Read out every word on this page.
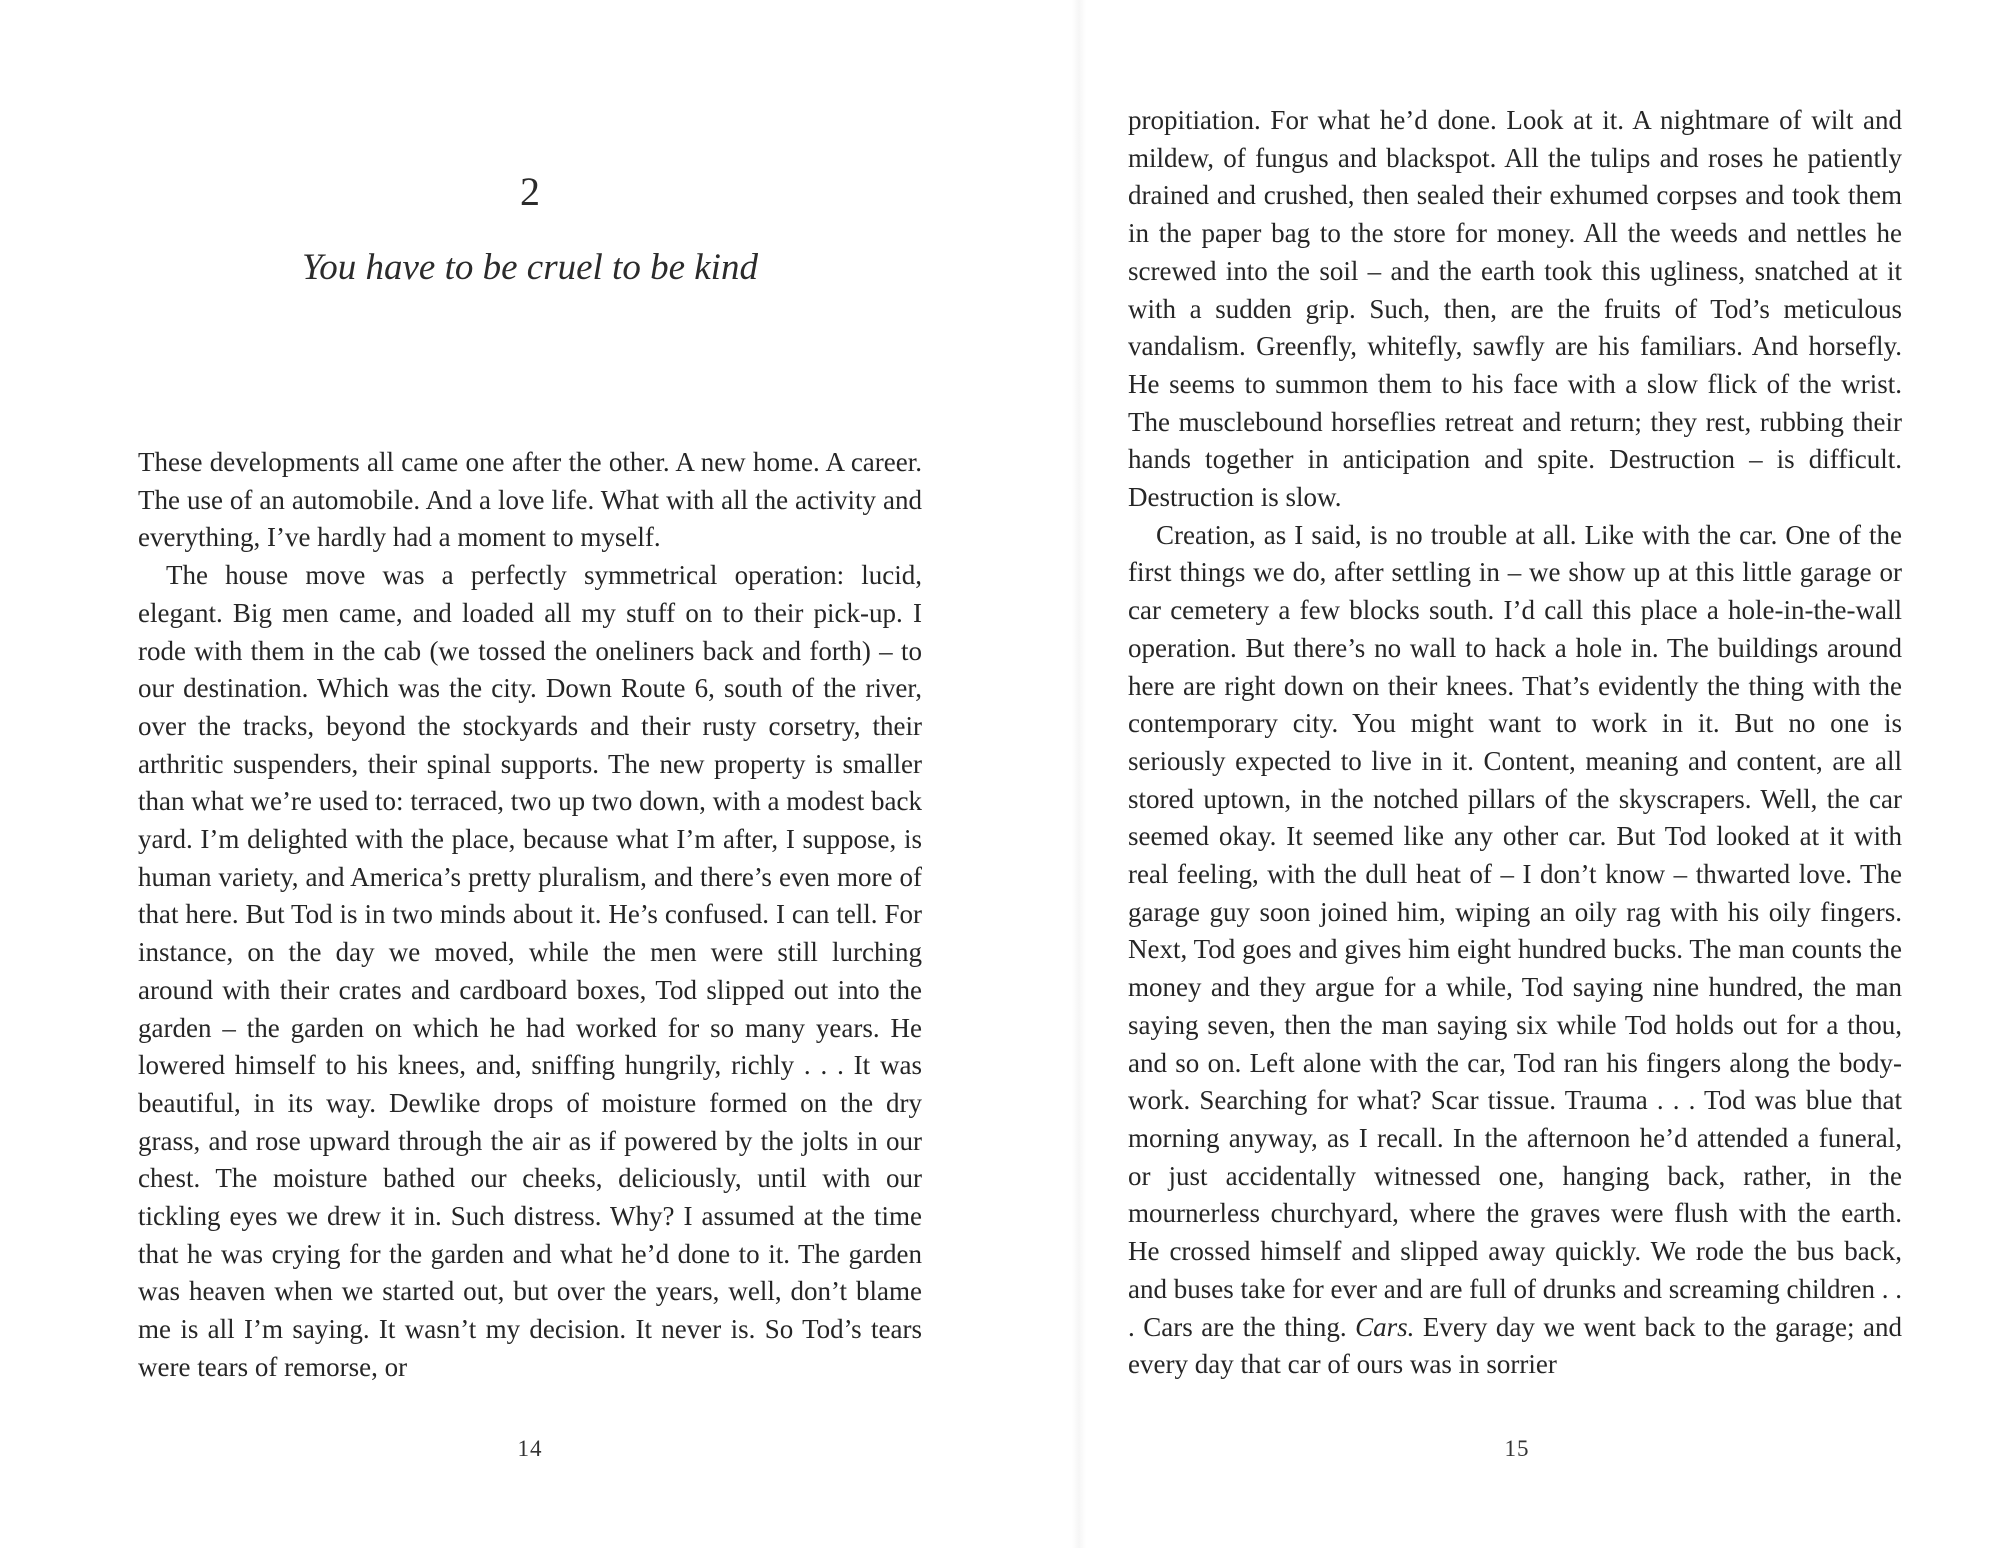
2
You have to be cruel to be kind

These developments all came one after the other. A new home. A career. The use of an automobile. And a love life. What with all the activity and everything, I’ve hardly had a moment to myself.

The house move was a perfectly symmetrical operation: lucid, elegant. Big men came, and loaded all my stuff on to their pick-up. I rode with them in the cab (we tossed the oneliners back and forth) – to our destination. Which was the city. Down Route 6, south of the river, over the tracks, beyond the stockyards and their rusty corsetry, their arthritic suspenders, their spinal supports. The new property is smaller than what we’re used to: terraced, two up two down, with a modest back yard. I’m delighted with the place, because what I’m after, I suppose, is human variety, and America’s pretty pluralism, and there’s even more of that here. But Tod is in two minds about it. He’s confused. I can tell. For instance, on the day we moved, while the men were still lurching around with their crates and cardboard boxes, Tod slipped out into the garden – the garden on which he had worked for so many years. He lowered himself to his knees, and, sniffing hungrily, richly . . . It was beautiful, in its way. Dewlike drops of moisture formed on the dry grass, and rose upward through the air as if powered by the jolts in our chest. The moisture bathed our cheeks, deliciously, until with our tickling eyes we drew it in. Such distress. Why? I assumed at the time that he was crying for the garden and what he’d done to it. The garden was heaven when we started out, but over the years, well, don’t blame me is all I’m saying. It wasn’t my decision. It never is. So Tod’s tears were tears of remorse, or

14

propitiation. For what he’d done. Look at it. A nightmare of wilt and mildew, of fungus and blackspot. All the tulips and roses he patiently drained and crushed, then sealed their exhumed corpses and took them in the paper bag to the store for money. All the weeds and nettles he screwed into the soil – and the earth took this ugliness, snatched at it with a sudden grip. Such, then, are the fruits of Tod’s meticulous vandalism. Greenfly, whitefly, sawfly are his familiars. And horsefly. He seems to summon them to his face with a slow flick of the wrist. The musclebound horseflies retreat and return; they rest, rubbing their hands together in anticipation and spite. Destruction – is difficult. Destruction is slow.

Creation, as I said, is no trouble at all. Like with the car. One of the first things we do, after settling in – we show up at this little garage or car cemetery a few blocks south. I’d call this place a hole-in-the-wall operation. But there’s no wall to hack a hole in. The buildings around here are right down on their knees. That’s evidently the thing with the contemporary city. You might want to work in it. But no one is seriously expected to live in it. Content, meaning and content, are all stored uptown, in the notched pillars of the skyscrapers. Well, the car seemed okay. It seemed like any other car. But Tod looked at it with real feeling, with the dull heat of – I don’t know – thwarted love. The garage guy soon joined him, wiping an oily rag with his oily fingers. Next, Tod goes and gives him eight hundred bucks. The man counts the money and they argue for a while, Tod saying nine hundred, the man saying seven, then the man saying six while Tod holds out for a thou, and so on. Left alone with the car, Tod ran his fingers along the body-work. Searching for what? Scar tissue. Trauma . . . Tod was blue that morning anyway, as I recall. In the afternoon he’d attended a funeral, or just accidentally witnessed one, hanging back, rather, in the mournerless churchyard, where the graves were flush with the earth. He crossed himself and slipped away quickly. We rode the bus back, and buses take for ever and are full of drunks and screaming children . . . Cars are the thing. Cars. Every day we went back to the garage; and every day that car of ours was in sorrier

15
